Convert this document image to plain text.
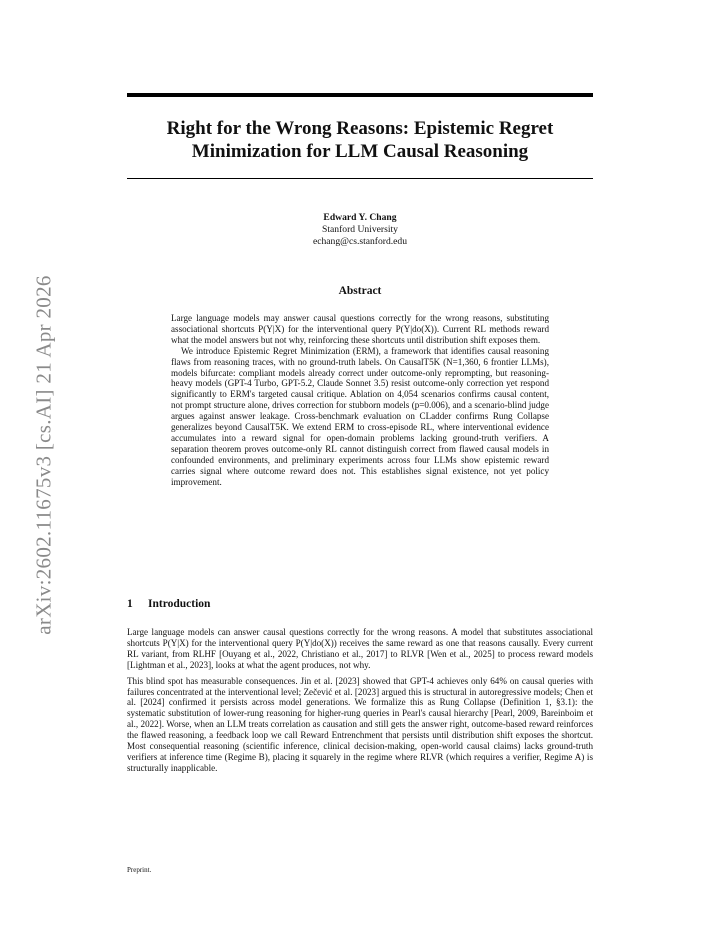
arXiv:2602.11675v3 [cs.AI] 21 Apr 2026
Right for the Wrong Reasons: Epistemic Regret
Minimization for LLM Causal Reasoning
Edward Y. Chang
Stanford University
echang@cs.stanford.edu
Abstract

Large language models may answer causal questions correctly for the wrong reasons, substituting associational shortcuts P(Y|X) for the interventional query P(Y|do(X)). Current RL methods reward what the model answers but not why, reinforcing these shortcuts until distribution shift exposes them.

We introduce Epistemic Regret Minimization (ERM), a framework that identifies causal reasoning flaws from reasoning traces, with no ground-truth labels. On CausalT5K (N=1,360, 6 frontier LLMs), models bifurcate: compliant models already correct under outcome-only reprompting, but reasoning-heavy models (GPT-4 Turbo, GPT-5.2, Claude Sonnet 3.5) resist outcome-only correction yet respond significantly to ERM's targeted causal critique. Ablation on 4,054 scenarios confirms causal content, not prompt structure alone, drives correction for stubborn models (p=0.006), and a scenario-blind judge argues against answer leakage. Cross-benchmark evaluation on CLadder confirms Rung Collapse generalizes beyond CausalT5K. We extend ERM to cross-episode RL, where interventional evidence accumulates into a reward signal for open-domain problems lacking ground-truth verifiers. A separation theorem proves outcome-only RL cannot distinguish correct from flawed causal models in confounded environments, and preliminary experiments across four LLMs show epistemic reward carries signal where outcome reward does not. This establishes signal existence, not yet policy improvement.

1 Introduction

Large language models can answer causal questions correctly for the wrong reasons. A model that substitutes associational shortcuts P(Y|X) for the interventional query P(Y|do(X)) receives the same reward as one that reasons causally. Every current RL variant, from RLHF [Ouyang et al., 2022, Christiano et al., 2017] to RLVR [Wen et al., 2025] to process reward models [Lightman et al., 2023], looks at what the agent produces, not why.

This blind spot has measurable consequences. Jin et al. [2023] showed that GPT-4 achieves only 64% on causal queries with failures concentrated at the interventional level; Zečević et al. [2023] argued this is structural in autoregressive models; Chen et al. [2024] confirmed it persists across model generations. We formalize this as Rung Collapse (Definition 1, §3.1): the systematic substitution of lower-rung reasoning for higher-rung queries in Pearl's causal hierarchy [Pearl, 2009, Bareinboim et al., 2022]. Worse, when an LLM treats correlation as causation and still gets the answer right, outcome-based reward reinforces the flawed reasoning, a feedback loop we call Reward Entrenchment that persists until distribution shift exposes the shortcut. Most consequential reasoning (scientific inference, clinical decision-making, open-world causal claims) lacks ground-truth verifiers at inference time (Regime B), placing it squarely in the regime where RLVR (which requires a verifier, Regime A) is structurally inapplicable.

Preprint.
